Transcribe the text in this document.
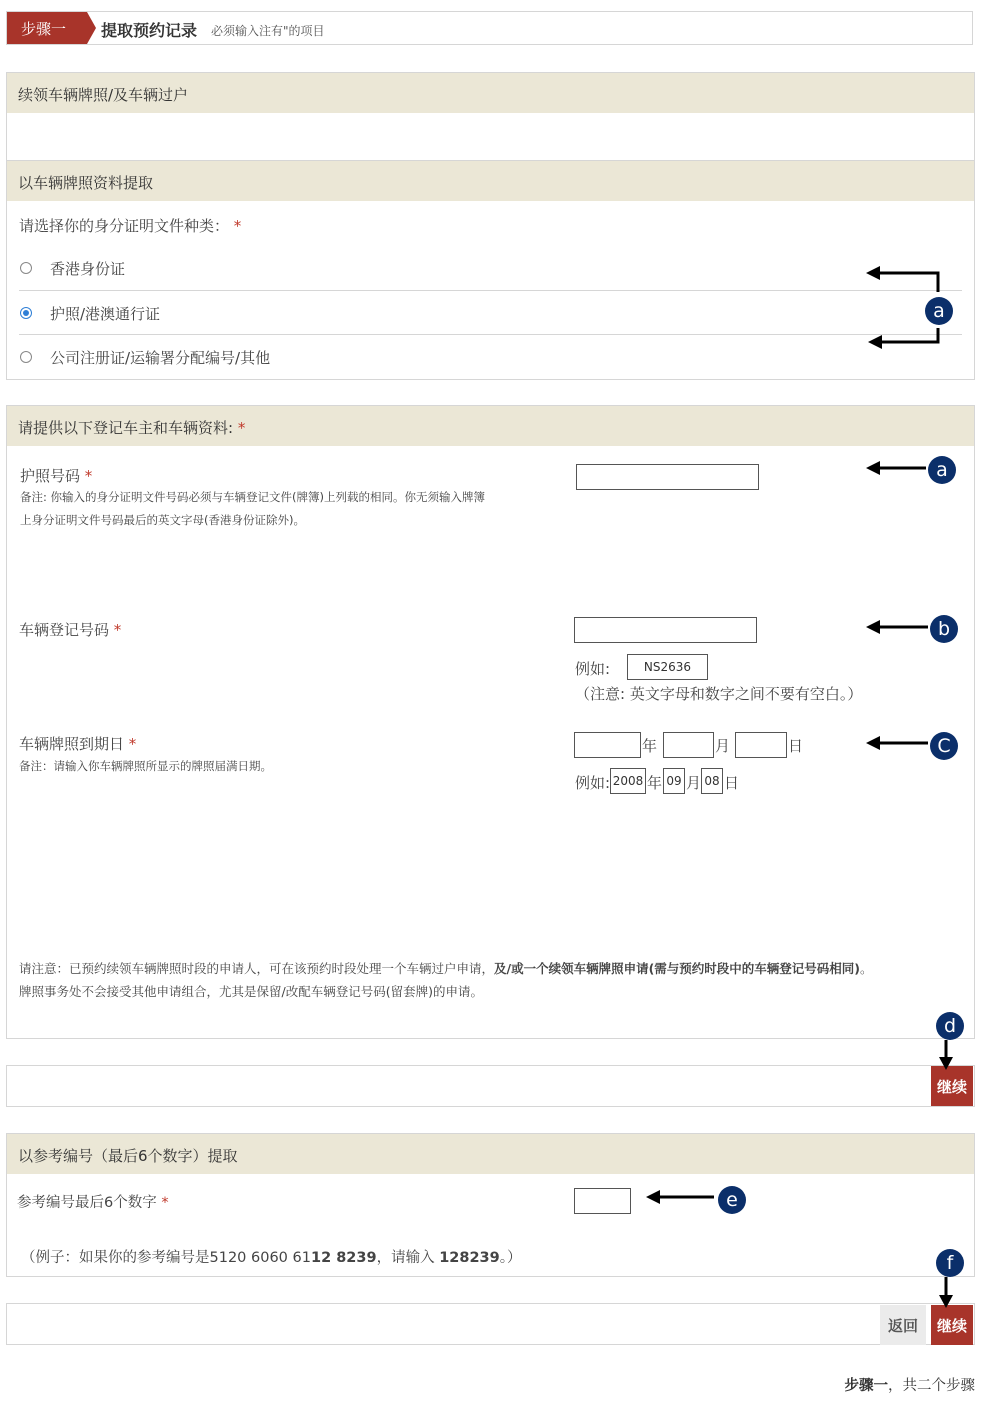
步骤一	提取预约记录 必须输入注有"的项目
续领车辆牌照/及车辆过户
以车辆牌照资料提取
请选择你的身分证明文件种类： *
香港身份证
护照/港澳通行证
公司注册证/运输署分配编号/其他
请提供以下登记车主和车辆资料: *
护照号码 *
备注: 你输入的身分证明文件号码必须与车辆登记文件(牌簿)上列载的相同。你无须输入牌簿上身分证明文件号码最后的英文字母(香港身份证除外)。
车辆登记号码 *
例如:	NS2636
（注意: 英文字母和数字之间不要有空白。）
车辆牌照到期日 *
备注：请输入你车辆牌照所显示的牌照届满日期。
年	月	日
例如: 2008 年 09 月 08 日
请注意：已预约续领车辆牌照时段的申请人，可在该预约时段处理一个车辆过户申请，及/或一个续领车辆牌照申请(需与预约时段中的车辆登记号码相同)。
牌照事务处不会接受其他申请组合，尤其是保留/改配车辆登记号码(留套牌)的申请。
继续
以参考编号（最后6个数字）提取
参考编号最后6个数字 *
（例子：如果你的参考编号是5120 6060 6112 8239，请输入 128239。）
返回	继续
步骤一，共二个步骤
a
a
b
C
d
e
f
